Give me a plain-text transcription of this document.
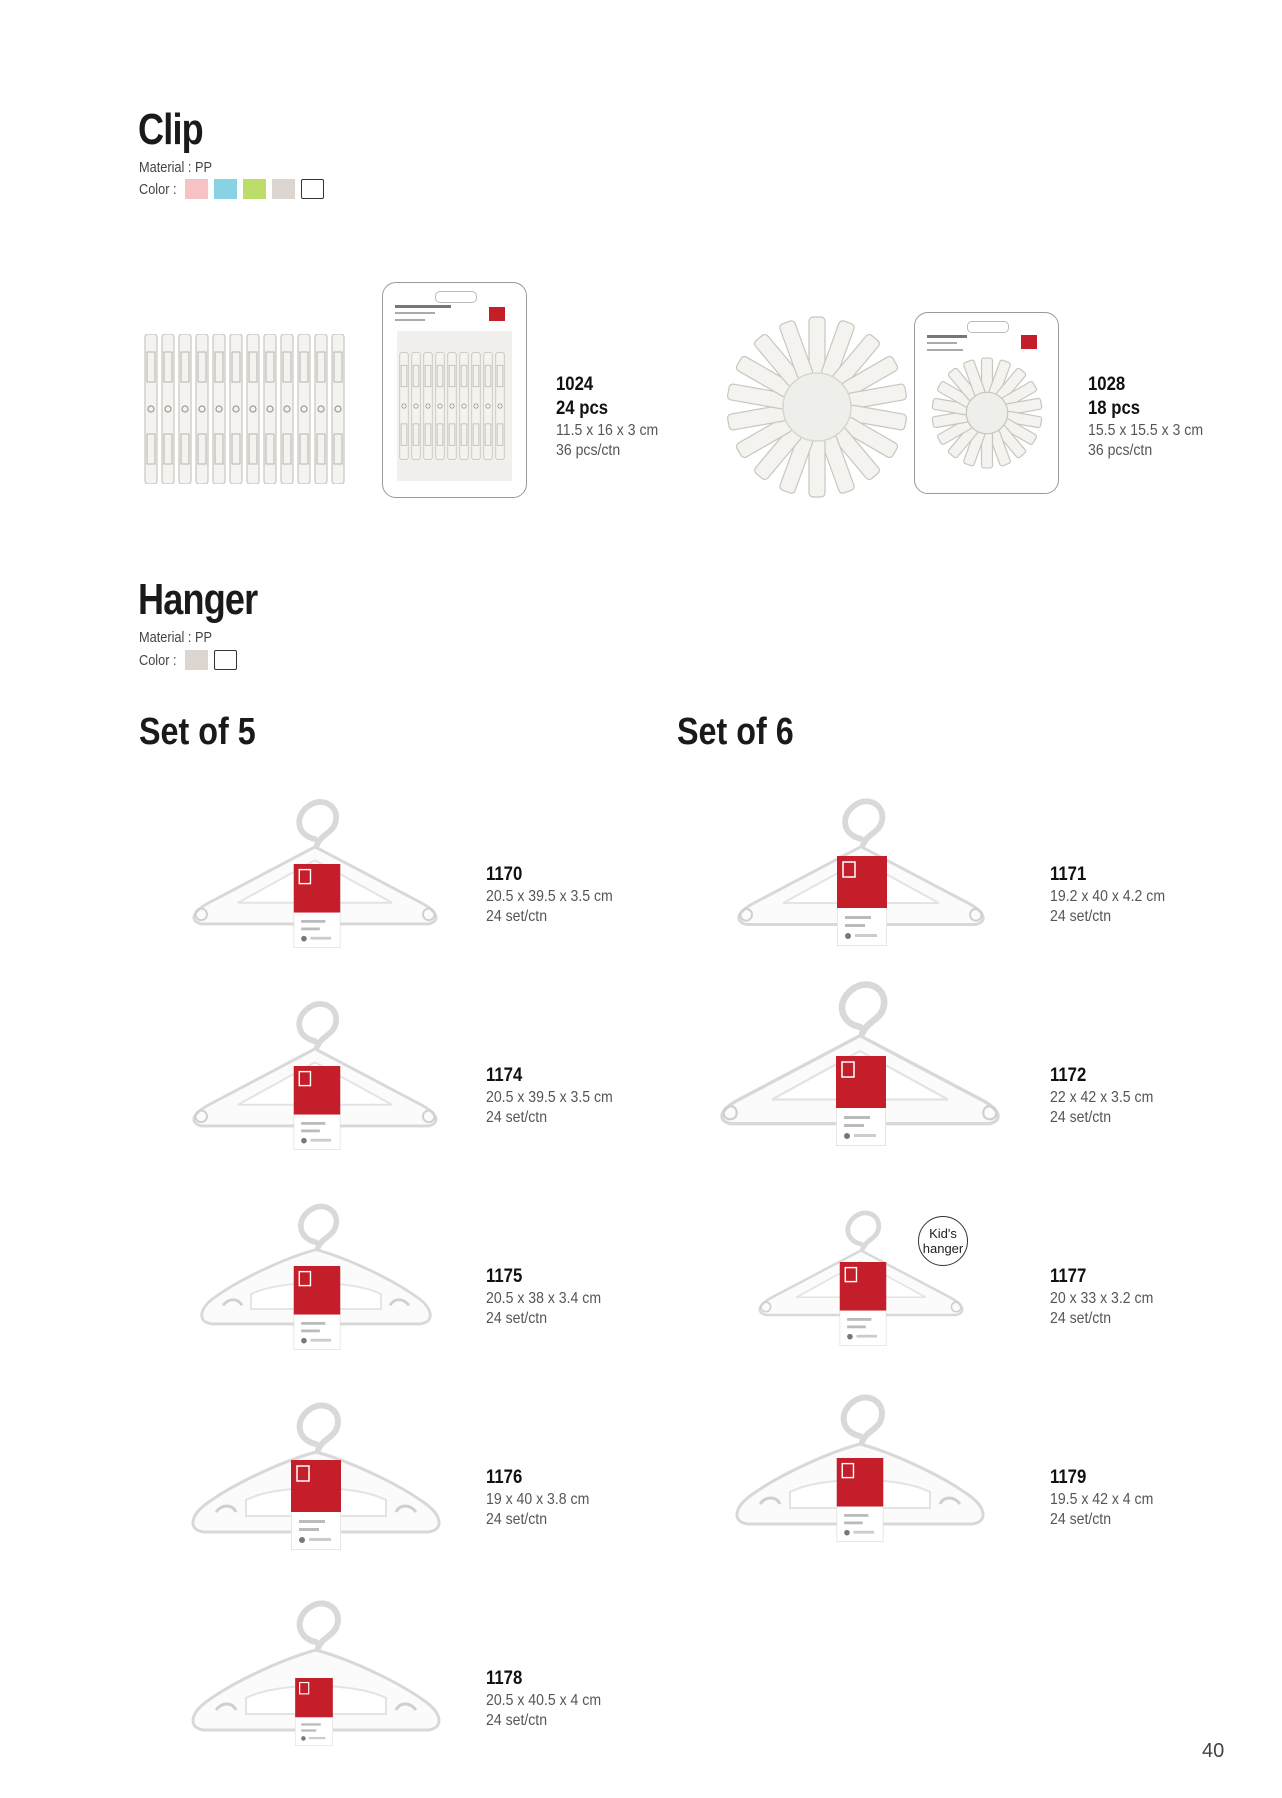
Clip
Material : PP
Color :
1024
24 pcs
11.5 x 16 x 3 cm
36 pcs/ctn
1028
18 pcs
15.5 x 15.5 x 3 cm
36 pcs/ctn
Hanger
Material : PP
Color :
Set of 5	Set of 6
1170
20.5 x 39.5 x 3.5 cm
24 set/ctn
1174
20.5 x 39.5 x 3.5 cm
24 set/ctn
1175
20.5 x 38 x 3.4 cm
24 set/ctn
1176
19 x 40 x 3.8 cm
24 set/ctn
1178
20.5 x 40.5 x 4 cm
24 set/ctn
1171
19.2 x 40 x 4.2 cm
24 set/ctn
1172
22 x 42 x 3.5 cm
24 set/ctn
Kid's hanger
1177
20 x 33 x 3.2 cm
24 set/ctn
1179
19.5 x 42 x 4 cm
24 set/ctn
40
